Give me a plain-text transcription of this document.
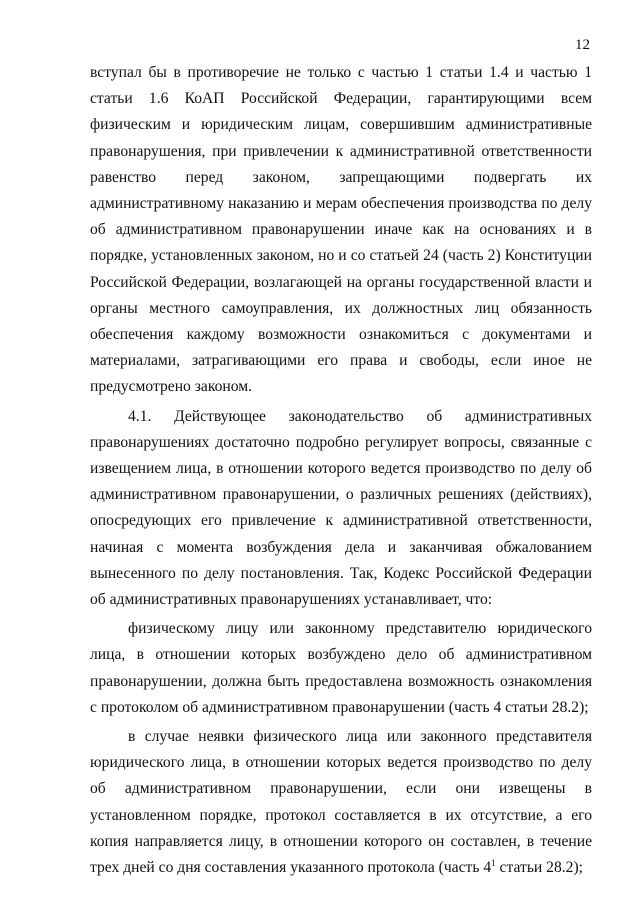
12

вступал бы в противоречие не только с частью 1 статьи 1.4 и частью 1 статьи 1.6 КоАП Российской Федерации, гарантирующими всем физическим и юридическим лицам, совершившим административные правонарушения, при привлечении к административной ответственности равенство перед законом, запрещающими подвергать их административному наказанию и мерам обеспечения производства по делу об административном правонарушении иначе как на основаниях и в порядке, установленных законом, но и со статьей 24 (часть 2) Конституции Российской Федерации, возлагающей на органы государственной власти и органы местного самоуправления, их должностных лиц обязанность обеспечения каждому возможности ознакомиться с документами и материалами, затрагивающими его права и свободы, если иное не предусмотрено законом.

4.1. Действующее законодательство об административных правонарушениях достаточно подробно регулирует вопросы, связанные с извещением лица, в отношении которого ведется производство по делу об административном правонарушении, о различных решениях (действиях), опосредующих его привлечение к административной ответственности, начиная с момента возбуждения дела и заканчивая обжалованием вынесенного по делу постановления. Так, Кодекс Российской Федерации об административных правонарушениях устанавливает, что:

физическому лицу или законному представителю юридического лица, в отношении которых возбуждено дело об административном правонарушении, должна быть предоставлена возможность ознакомления с протоколом об административном правонарушении (часть 4 статьи 28.2);

в случае неявки физического лица или законного представителя юридического лица, в отношении которых ведется производство по делу об административном правонарушении, если они извещены в установленном порядке, протокол составляется в их отсутствие, а его копия направляется лицу, в отношении которого он составлен, в течение трех дней со дня составления указанного протокола (часть $4^1$ статьи 28.2);
